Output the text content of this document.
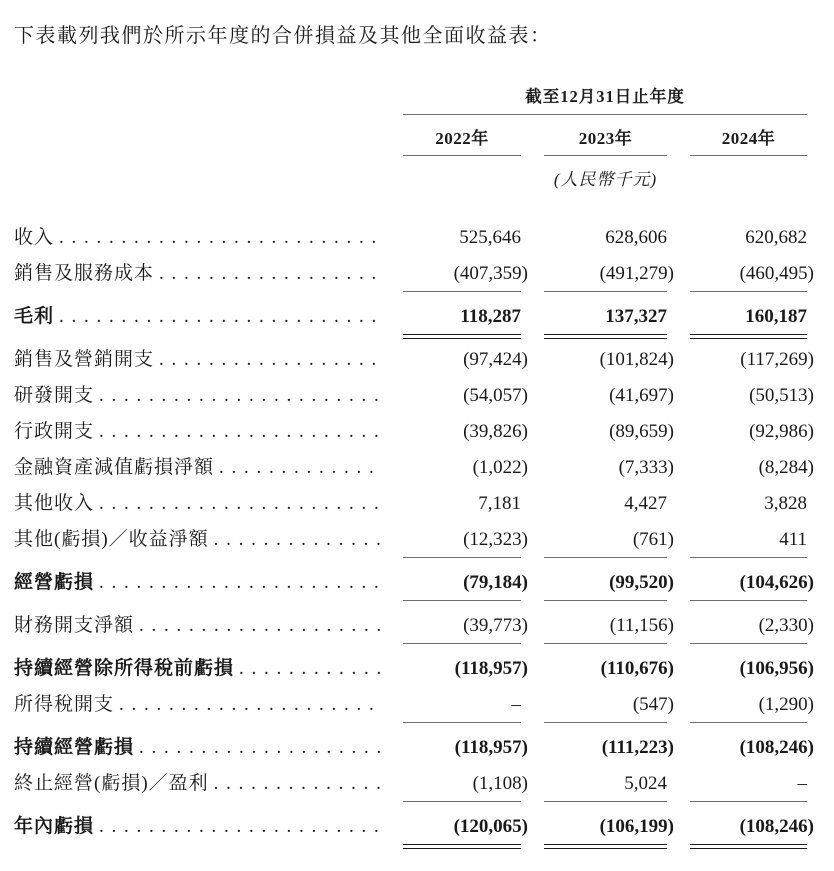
下表載列我們於所示年度的合併損益及其他全面收益表：

截至12月31日止年度
2022年	2023年	2024年
(人民幣千元)
收入 . . .	525,646	628,606	620,682
銷售及服務成本 . . .	(407,359)	(491,279)	(460,495)
毛利 . . .	118,287	137,327	160,187
銷售及營銷開支 . . .	(97,424)	(101,824)	(117,269)
研發開支 . . .	(54,057)	(41,697)	(50,513)
行政開支 . . .	(39,826)	(89,659)	(92,986)
金融資產減值虧損淨額 . . .	(1,022)	(7,333)	(8,284)
其他收入 . . .	7,181	4,427	3,828
其他(虧損)／收益淨額 . . .	(12,323)	(761)	411
經營虧損 . . .	(79,184)	(99,520)	(104,626)
財務開支淨額 . . .	(39,773)	(11,156)	(2,330)
持續經營除所得稅前虧損 . . .	(118,957)	(110,676)	(106,956)
所得稅開支 . . .	–	(547)	(1,290)
持續經營虧損 . . .	(118,957)	(111,223)	(108,246)
終止經營(虧損)／盈利 . . .	(1,108)	5,024	–
年內虧損 . . .	(120,065)	(106,199)	(108,246)
